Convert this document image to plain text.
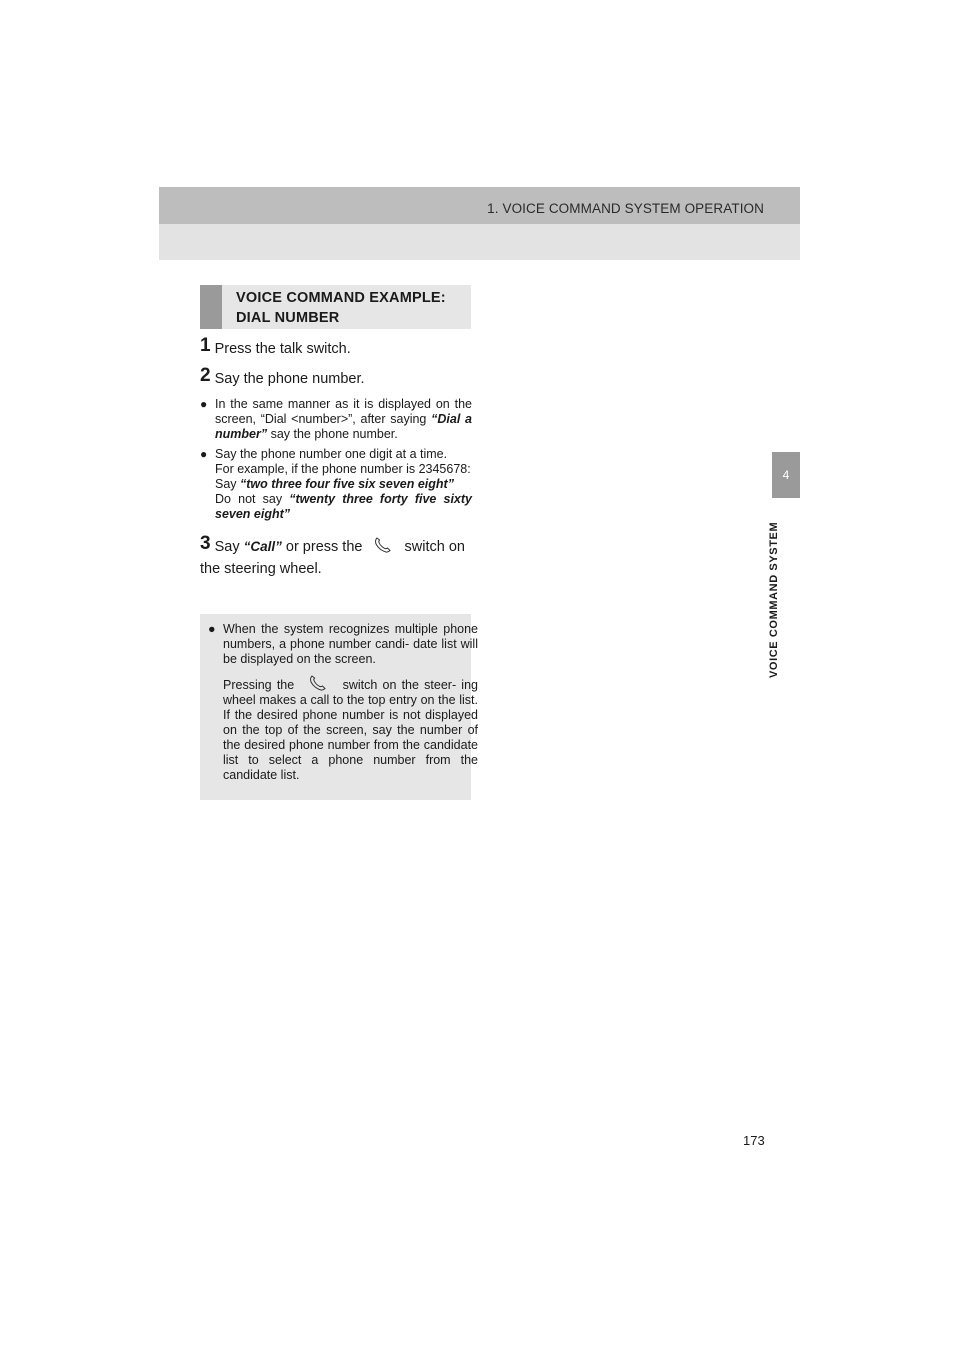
1. VOICE COMMAND SYSTEM OPERATION
4
VOICE COMMAND SYSTEM
VOICE COMMAND EXAMPLE:
DIAL NUMBER
1 Press the talk switch.
2 Say the phone number.
● In the same manner as it is displayed on the screen, “Dial <number>”, after saying “Dial a number” say the phone number.
● Say the phone number one digit at a time.
For example, if the phone number is 2345678:
Say “two three four five six seven eight”
Do not say “twenty three forty five sixty seven eight”
3 Say “Call” or press the	switch on the steering wheel.
● When the system recognizes multiple phone numbers, a phone number candi- date list will be displayed on the screen.
Pressing the	switch on the steer- ing wheel makes a call to the top entry on the list. If the desired phone number is not displayed on the top of the screen, say the number of the desired phone number from the candidate list to select a phone number from the candidate list.
173
